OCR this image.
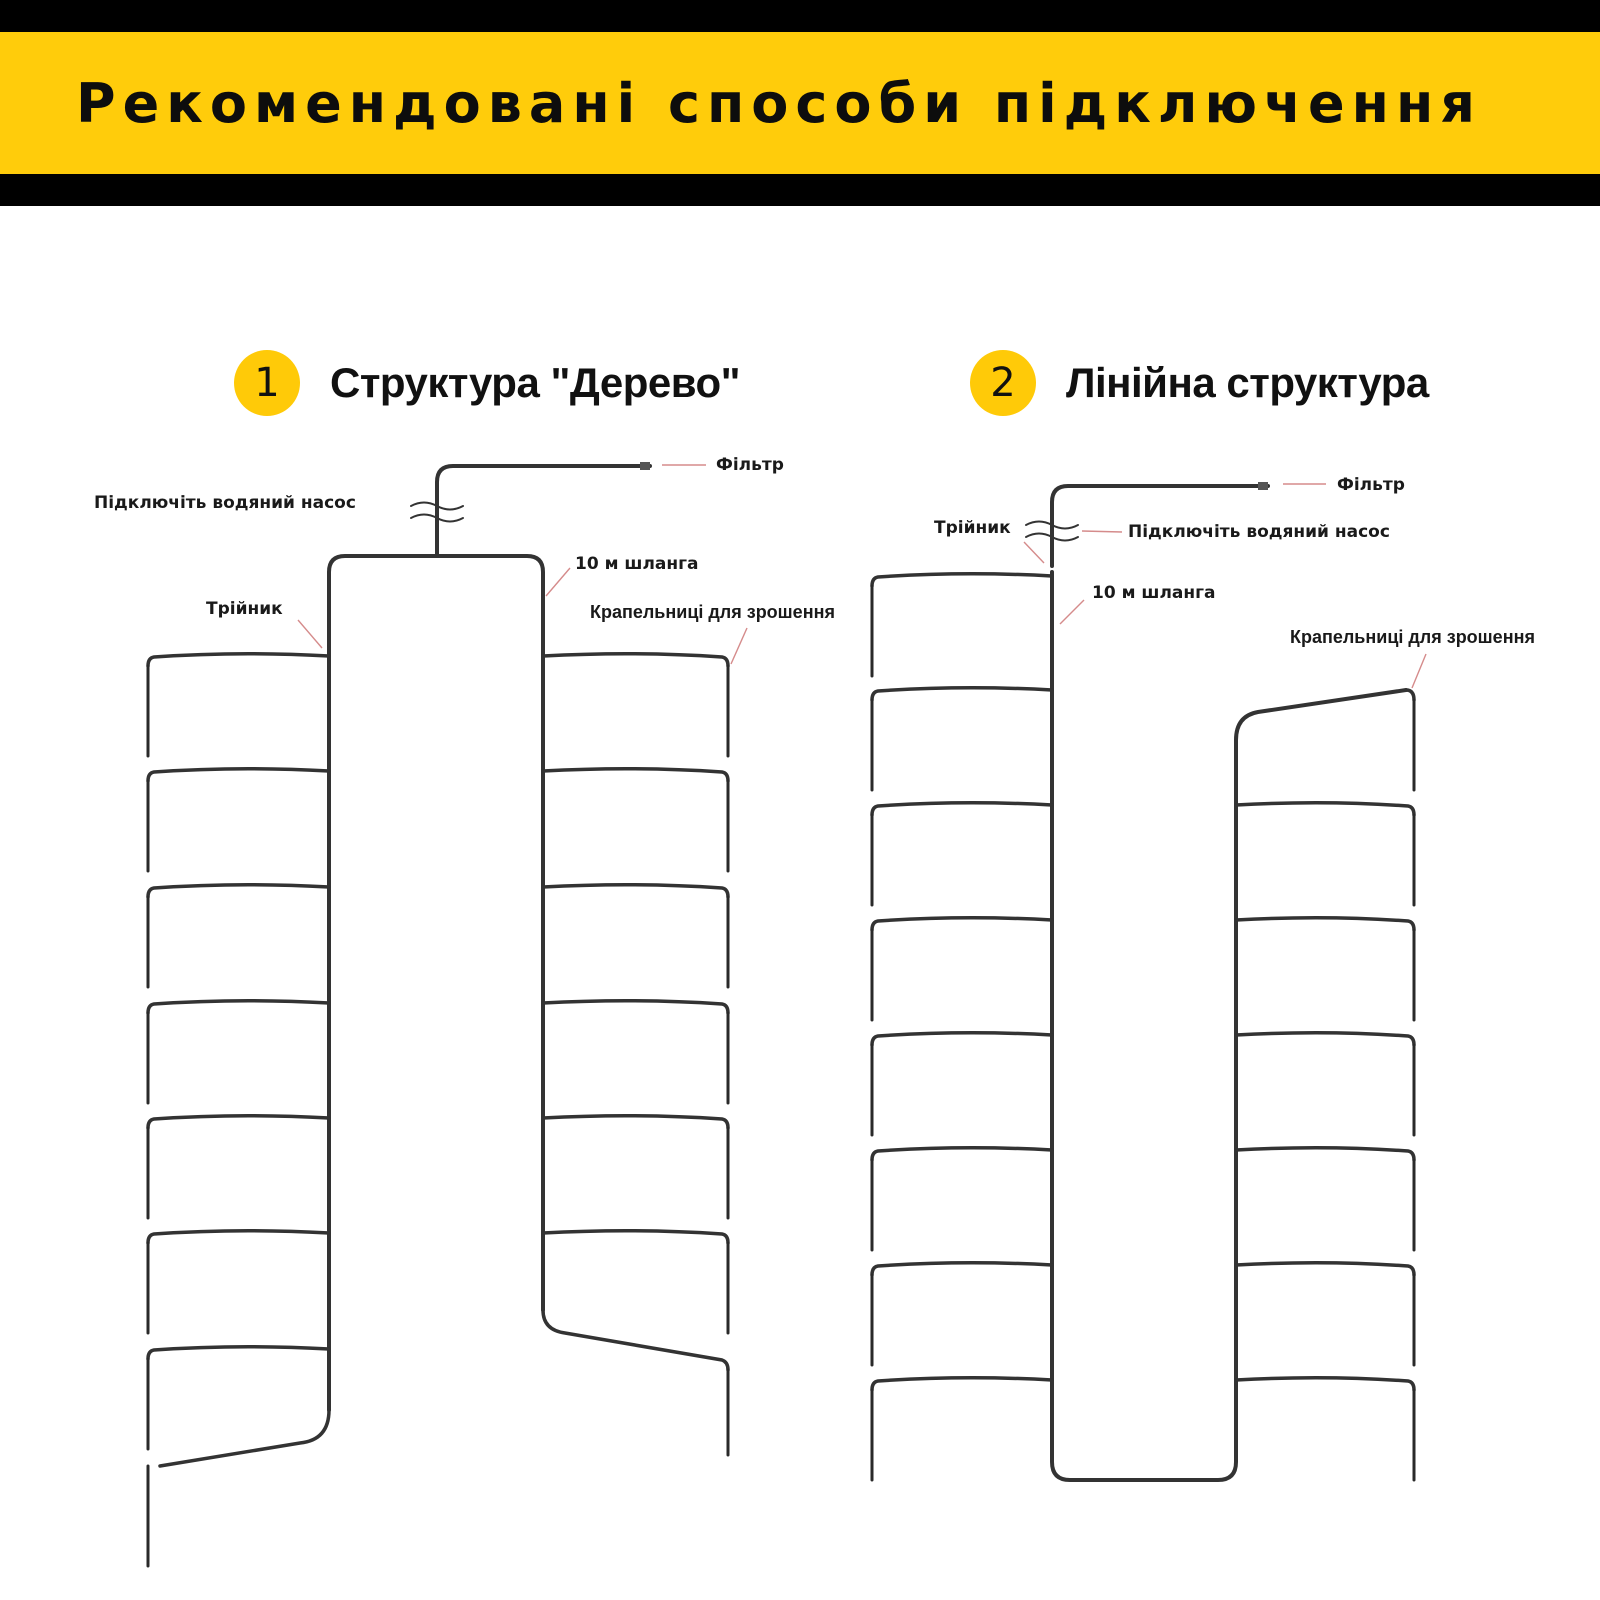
Рекомендовані способи підключення
1	Структура "Дерево"	2	Лінійна структура
Фільтр
Підключіть водяний насос
10 м шланга
Трійник	Крапельниці для зрошення
Фільтр
Трійник	Підключіть водяний насос
10 м шланга
Крапельниці для зрошення
